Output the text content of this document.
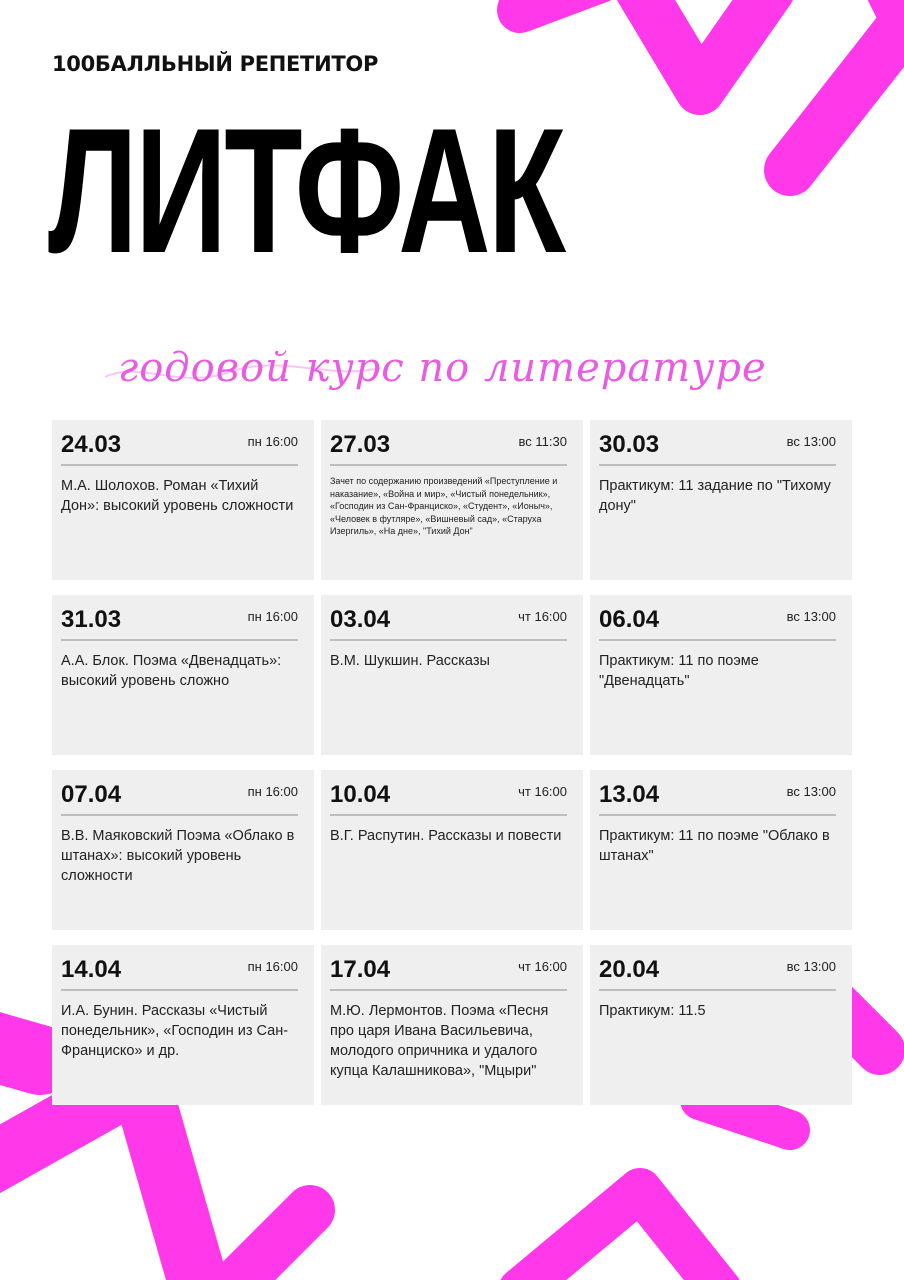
100БАЛЛЬНЫЙ РЕПЕТИТОР
ЛИТФАК
годовой курс по литературе
24.03	пн 16:00
М.А. Шолохов. Роман «Тихий Дон»: высокий уровень сложности
27.03	вс 11:30
Зачет по содержанию произведений «Преступление и наказание», «Война и мир», «Чистый понедельник», «Господин из Сан-Франциско», «Студент», «Ионыч», «Человек в футляре», «Вишневый сад», «Старуха Изергиль», «На дне», "Тихий Дон"
30.03	вс 13:00
Практикум: 11 задание по "Тихому дону"
31.03	пн 16:00
А.А. Блок. Поэма «Двенадцать»: высокий уровень сложно
03.04	чт 16:00
В.М. Шукшин. Рассказы
06.04	вс 13:00
Практикум: 11 по поэме "Двенадцать"
07.04	пн 16:00
В.В. Маяковский Поэма «Облако в штанах»: высокий уровень сложности
10.04	чт 16:00
В.Г. Распутин. Рассказы и повести
13.04	вс 13:00
Практикум: 11 по поэме "Облако в штанах"
14.04	пн 16:00
И.А. Бунин. Рассказы «Чистый понедельник», «Господин из Сан-Франциско» и др.
17.04	чт 16:00
М.Ю. Лермонтов. Поэма «Песня про царя Ивана Васильевича, молодого опричника и удалого купца Калашникова», "Мцыри"
20.04	вс 13:00
Практикум: 11.5
